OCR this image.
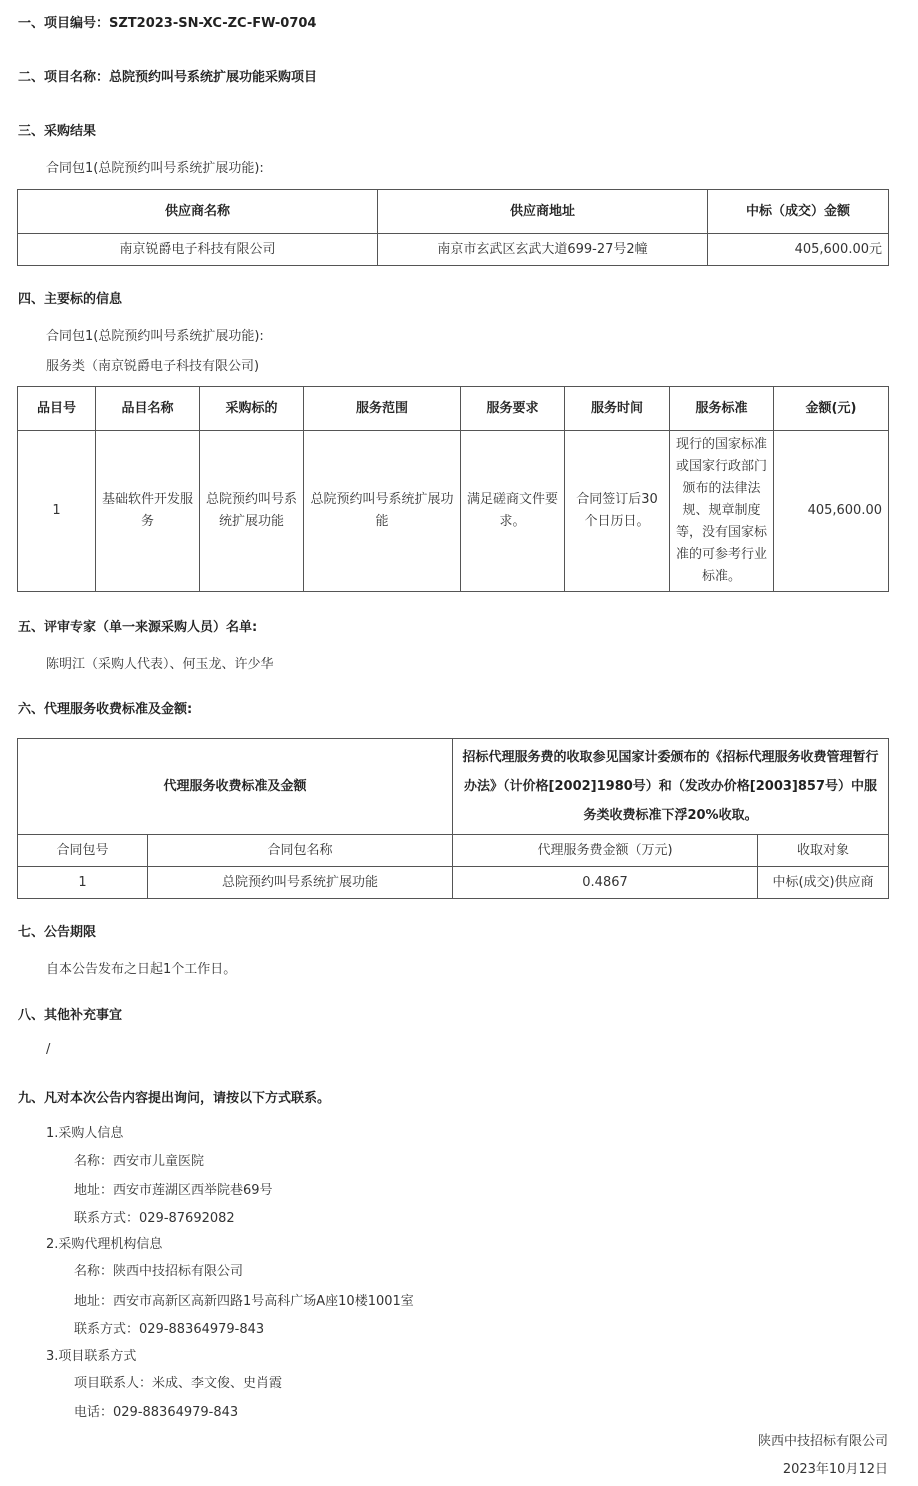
一、项目编号：SZT2023-SN-XC-ZC-FW-0704
二、项目名称：总院预约叫号系统扩展功能采购项目
三、采购结果
合同包1(总院预约叫号系统扩展功能):
供应商名称	供应商地址	中标（成交）金额
南京锐爵电子科技有限公司	南京市玄武区玄武大道699-27号2幢	405,600.00元
四、主要标的信息
合同包1(总院预约叫号系统扩展功能):
服务类（南京锐爵电子科技有限公司)
品目号	品目名称	采购标的	服务范围	服务要求	服务时间	服务标准	金额(元)
1	基础软件开发服务	总院预约叫号系统扩展功能	总院预约叫号系统扩展功能	满足磋商文件要求。	合同签订后30个日历日。	现行的国家标准或国家行政部门颁布的法律法规、规章制度等，没有国家标准的可参考行业标准。	405,600.00
五、评审专家（单一来源采购人员）名单:
陈明江（采购人代表）、何玉龙、许少华
六、代理服务收费标准及金额:
代理服务收费标准及金额		招标代理服务费的收取参见国家计委颁布的《招标代理服务收费管理暂行办法》（计价格[2002]1980号）和（发改办价格[2003]857号）中服务类收费标准下浮20%收取。	
合同包号	合同包名称	代理服务费金额（万元)	收取对象
1	总院预约叫号系统扩展功能	0.4867	中标(成交)供应商
七、公告期限
自本公告发布之日起1个工作日。
八、其他补充事宜
/
九、凡对本次公告内容提出询问，请按以下方式联系。
1.采购人信息
名称：西安市儿童医院
地址：西安市莲湖区西举院巷69号
联系方式：029-87692082
2.采购代理机构信息
名称：陕西中技招标有限公司
地址：西安市高新区高新四路1号高科广场A座10楼1001室
联系方式：029-88364979-843
3.项目联系方式
项目联系人：米成、李文俊、史肖霞
电话：029-88364979-843
陕西中技招标有限公司
2023年10月12日
